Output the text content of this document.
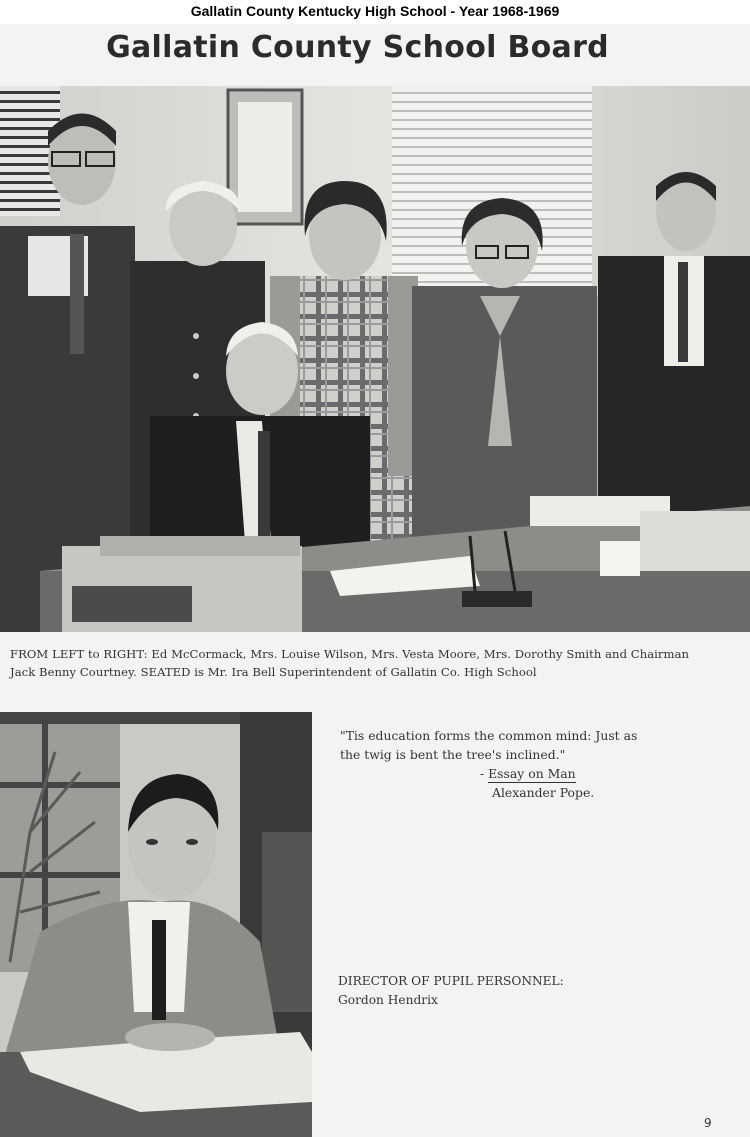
Gallatin County Kentucky High School - Year 1968-1969
Gallatin County School Board
FROM LEFT to RIGHT: Ed McCormack, Mrs. Louise Wilson, Mrs. Vesta Moore, Mrs. Dorothy Smith and Chairman
Jack Benny Courtney. SEATED is Mr. Ira Bell Superintendent of Gallatin Co. High School
"Tis education forms the common mind: Just as
the twig is bent the tree's inclined."
- Essay on Man
Alexander Pope.
DIRECTOR OF PUPIL PERSONNEL:
Gordon Hendrix
9
